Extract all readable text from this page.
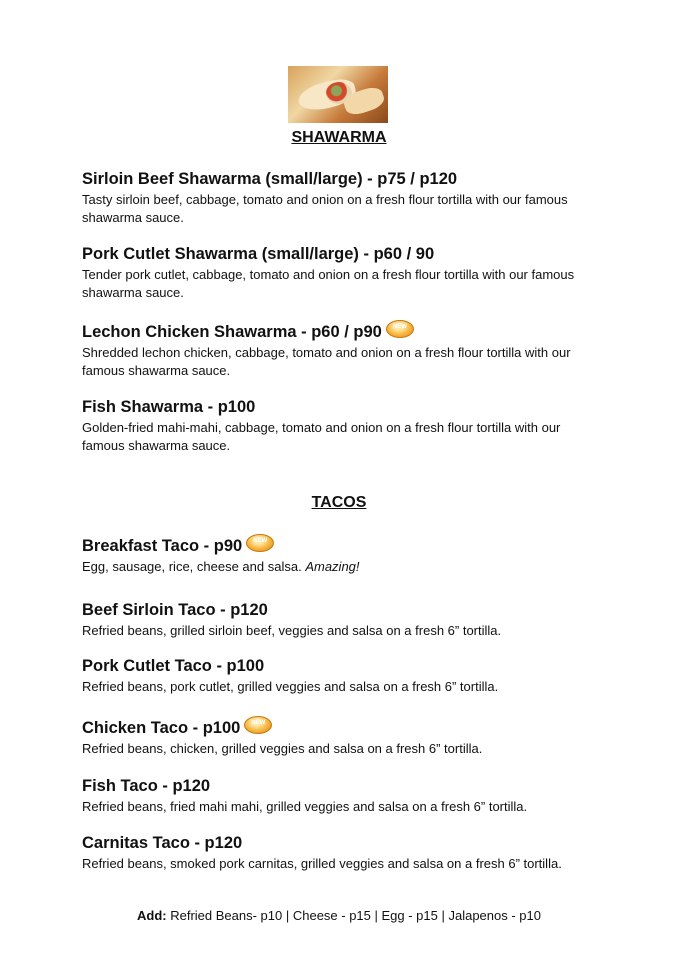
SHAWARMA
Sirloin Beef Shawarma (small/large) - p75 / p120
Tasty sirloin beef, cabbage, tomato and onion on a fresh flour tortilla with our famous shawarma sauce.
Pork Cutlet Shawarma (small/large) - p60 / 90
Tender pork cutlet, cabbage, tomato and onion on a fresh flour tortilla with our famous shawarma sauce.
Lechon Chicken Shawarma - p60 / p90	NEW
Shredded lechon chicken, cabbage, tomato and onion on a fresh flour tortilla with our famous shawarma sauce.
Fish Shawarma - p100
Golden-fried mahi-mahi, cabbage, tomato and onion on a fresh flour tortilla with our famous shawarma sauce.
TACOS
Breakfast Taco - p90	NEW
Egg, sausage, rice, cheese and salsa. Amazing!
Beef Sirloin Taco - p120
Refried beans, grilled sirloin beef, veggies and salsa on a fresh 6” tortilla.
Pork Cutlet Taco - p100
Refried beans, pork cutlet, grilled veggies and salsa on a fresh 6” tortilla.
Chicken Taco - p100	NEW
Refried beans, chicken, grilled veggies and salsa on a fresh 6” tortilla.
Fish Taco - p120
Refried beans, fried mahi mahi, grilled veggies and salsa on a fresh 6” tortilla.
Carnitas Taco - p120
Refried beans, smoked pork carnitas, grilled veggies and salsa on a fresh 6” tortilla.
Add: Refried Beans- p10 | Cheese - p15 | Egg - p15 | Jalapenos - p10
